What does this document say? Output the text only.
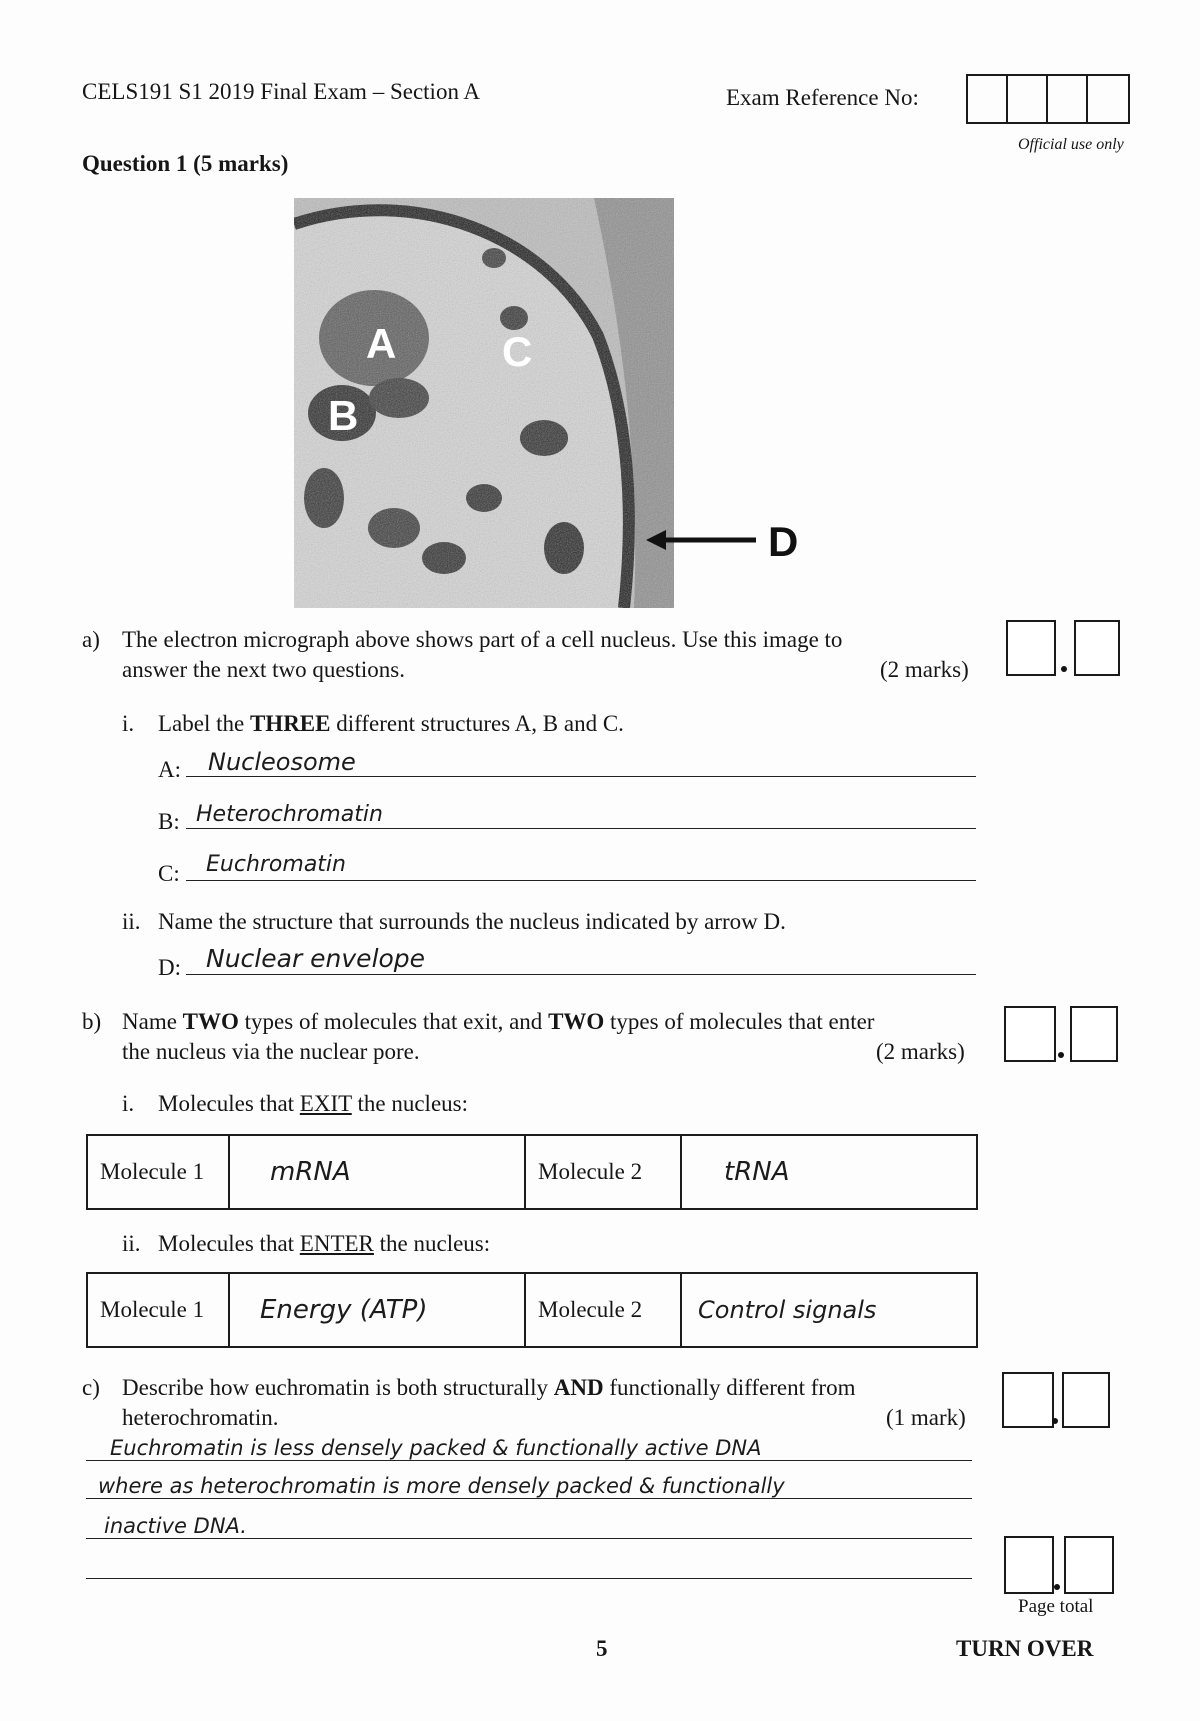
CELS191 S1 2019 Final Exam – Section A	Exam Reference No:
Official use only
Question 1 (5 marks)
A
B
C
D
a) The electron micrograph above shows part of a cell nucleus. Use this image to
answer the next two questions.	(2 marks)
i. Label the THREE different structures A, B and C.
A: Nucleosome
B: Heterochromatin
C: Euchromatin
ii. Name the structure that surrounds the nucleus indicated by arrow D.
D: Nuclear envelope
b) Name TWO types of molecules that exit, and TWO types of molecules that enter
the nucleus via the nuclear pore.	(2 marks)
i. Molecules that EXIT the nucleus:
Molecule 1	mRNA	Molecule 2	tRNA
ii. Molecules that ENTER the nucleus:
Molecule 1	Energy (ATP)	Molecule 2	Control signals
c) Describe how euchromatin is both structurally AND functionally different from
heterochromatin.	(1 mark)
Euchromatin is less densely packed & functionally active DNA
where as heterochromatin is more densely packed & functionally
inactive DNA.
Page total
5	TURN OVER
